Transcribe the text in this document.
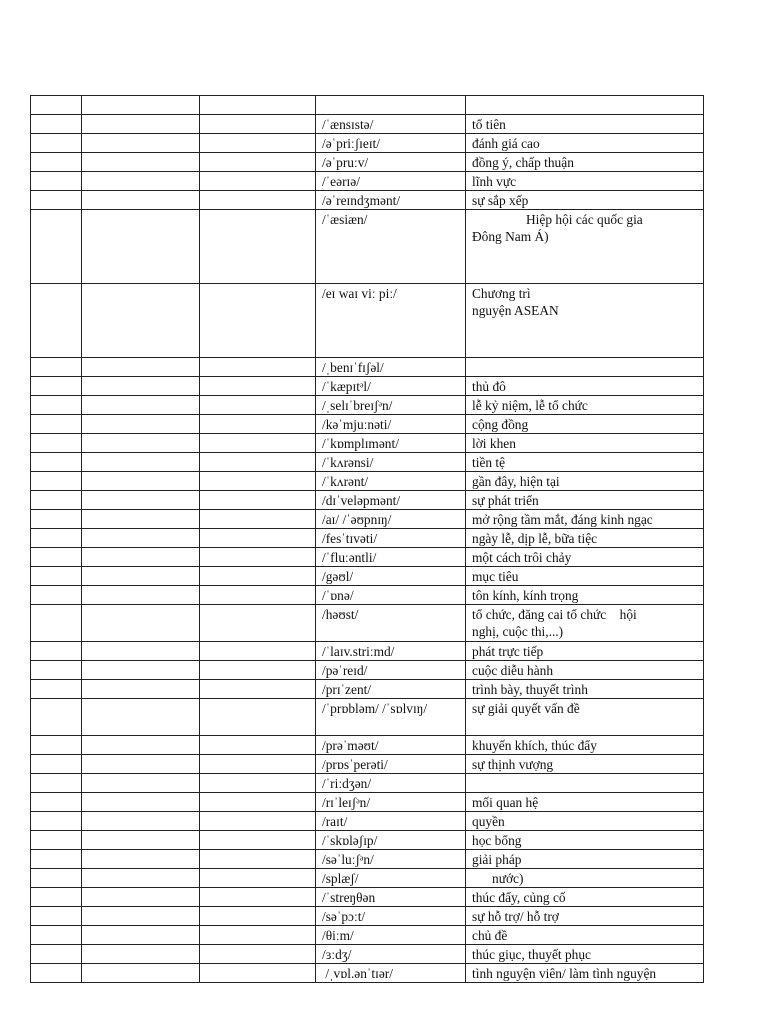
			/ˈænsɪstə/	tổ tiên
			/əˈpriːʃɪeɪt/	đánh giá cao
			/əˈpruːv/	đồng ý, chấp thuận
			/ˈeərɪə/	lĩnh vực
			/əˈreɪndʒmənt/	sự sắp xếp
			/ˈæsiæn/	Hiệp hội các quốc gia
Đông Nam Á)

			/eɪ waɪ viː piː/	Chương trì
nguyện ASEAN

			/ˌbenɪˈfɪʃəl/	
			/ˈkæpɪtᵊl/	thủ đô
			/ˌselɪˈbreɪʃᵊn/	lễ kỷ niệm, lễ tổ chức
			/kəˈmjuːnəti/	cộng đồng
			/ˈkɒmplɪmənt/	lời khen
			/ˈkʌrənsi/	tiền tệ
			/ˈkʌrənt/	gần đây, hiện tại
			/dɪˈveləpmənt/	sự phát triển
			/aɪ/ /ˈəʊpnɪŋ/	mở rộng tầm mắt, đáng kinh ngạc
			/fesˈtɪvəti/	ngày lễ, dịp lễ, bữa tiệc
			/ˈfluːəntli/	một cách trôi chảy
			/gəʊl/	mục tiêu
			/ˈɒnə/	tôn kính, kính trọng
			/həʊst/	tổ chức, đăng cai tổ chức    hội
nghị, cuộc thi,...)

			/ˈlaɪv.striːmd/	phát trực tiếp
			/pəˈreɪd/	cuộc diễu hành
			/prɪˈzent/	trình bày, thuyết trình
			/ˈprɒbləm/ /ˈsɒlvɪŋ/	sự giải quyết vấn đề
			/prəˈməʊt/	khuyến khích, thúc đẩy
			/prɒsˈperəti/	sự thịnh vượng
			/ˈriːdʒən/	
			/rɪˈleɪʃᵊn/	mối quan hệ
			/raɪt/	quyền
			/ˈskɒləʃɪp/	học bổng
			/səˈluːʃᵊn/	giải pháp
			/splæʃ/	nước)
			/ˈstreŋθən	thúc đẩy, củng cố
			/səˈpɔːt/	sự hỗ trợ/ hỗ trợ
			/θiːm/	chủ đề
			/ɜːdʒ/	thúc giục, thuyết phục
			/ˌvɒl.ənˈtɪər/	tình nguyện viên/ làm tình nguyện
